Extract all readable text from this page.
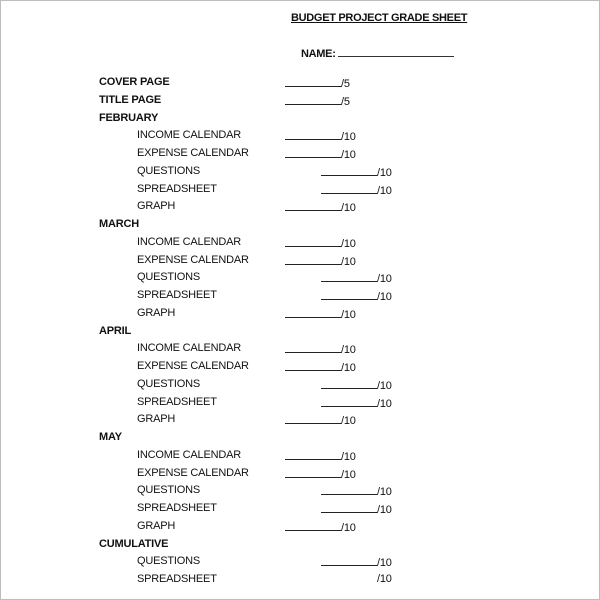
BUDGET PROJECT GRADE SHEET
NAME:
COVER PAGE	/5
TITLE PAGE	/5
FEBRUARY
INCOME CALENDAR	/10
EXPENSE CALENDAR	/10
QUESTIONS	/10
SPREADSHEET	/10
GRAPH	/10
MARCH
INCOME CALENDAR	/10
EXPENSE CALENDAR	/10
QUESTIONS	/10
SPREADSHEET	/10
GRAPH	/10
APRIL
INCOME CALENDAR	/10
EXPENSE CALENDAR	/10
QUESTIONS	/10
SPREADSHEET	/10
GRAPH	/10
MAY
INCOME CALENDAR	/10
EXPENSE CALENDAR	/10
QUESTIONS	/10
SPREADSHEET	/10
GRAPH	/10
CUMULATIVE
QUESTIONS	/10
SPREADSHEET	/10
